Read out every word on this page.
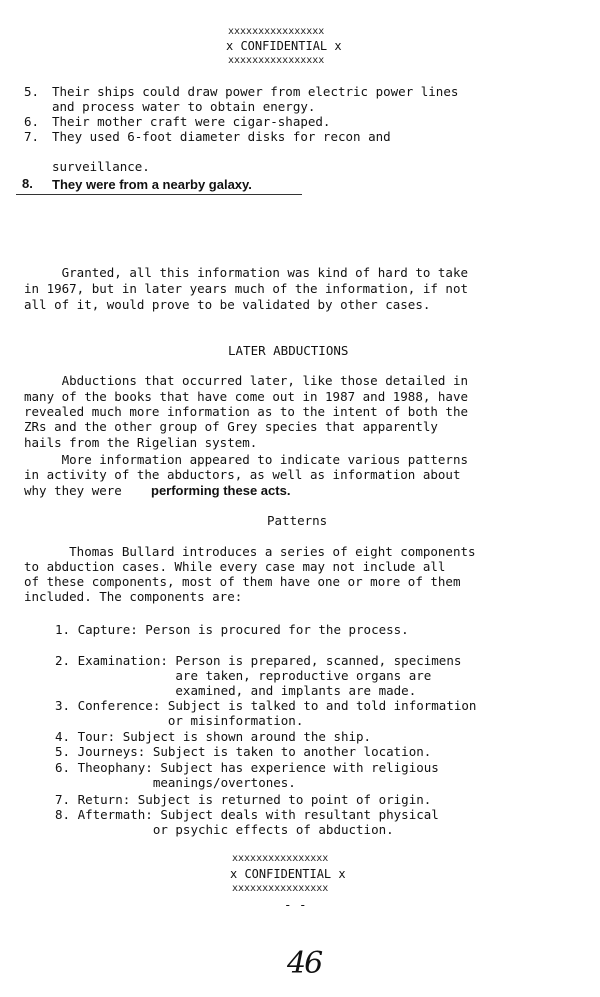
xxxxxxxxxxxxxxxx
x CONFIDENTIAL x
xxxxxxxxxxxxxxxx
5. Their ships could draw power from electric power lines
and process water to obtain energy.
6. Their mother craft were cigar-shaped.
7. They used 6-foot diameter disks for recon and
surveillance.
8. They were from a nearby galaxy.
Granted, all this information was kind of hard to take
in 1967, but in later years much of the information, if not
all of it, would prove to be validated by other cases.
LATER ABDUCTIONS
Abductions that occurred later, like those detailed in
many of the books that have come out in 1987 and 1988, have
revealed much more information as to the intent of both the
ZRs and the other group of Grey species that apparently
hails from the Rigelian system.
More information appeared to indicate various patterns
in activity of the abductors, as well as information about
why they were performing these acts.
Patterns
Thomas Bullard introduces a series of eight components
to abduction cases. While every case may not include all
of these components, most of them have one or more of them
included. The components are:
1. Capture: Person is procured for the process.
2. Examination: Person is prepared, scanned, specimens
are taken, reproductive organs are
examined, and implants are made.
3. Conference: Subject is talked to and told information
or misinformation.
4. Tour: Subject is shown around the ship.
5. Journeys: Subject is taken to another location.
6. Theophany: Subject has experience with religious
meanings/overtones.
7. Return: Subject is returned to point of origin.
8. Aftermath: Subject deals with resultant physical
or psychic effects of abduction.
xxxxxxxxxxxxxxxx
x CONFIDENTIAL x
xxxxxxxxxxxxxxxx
- -
46
